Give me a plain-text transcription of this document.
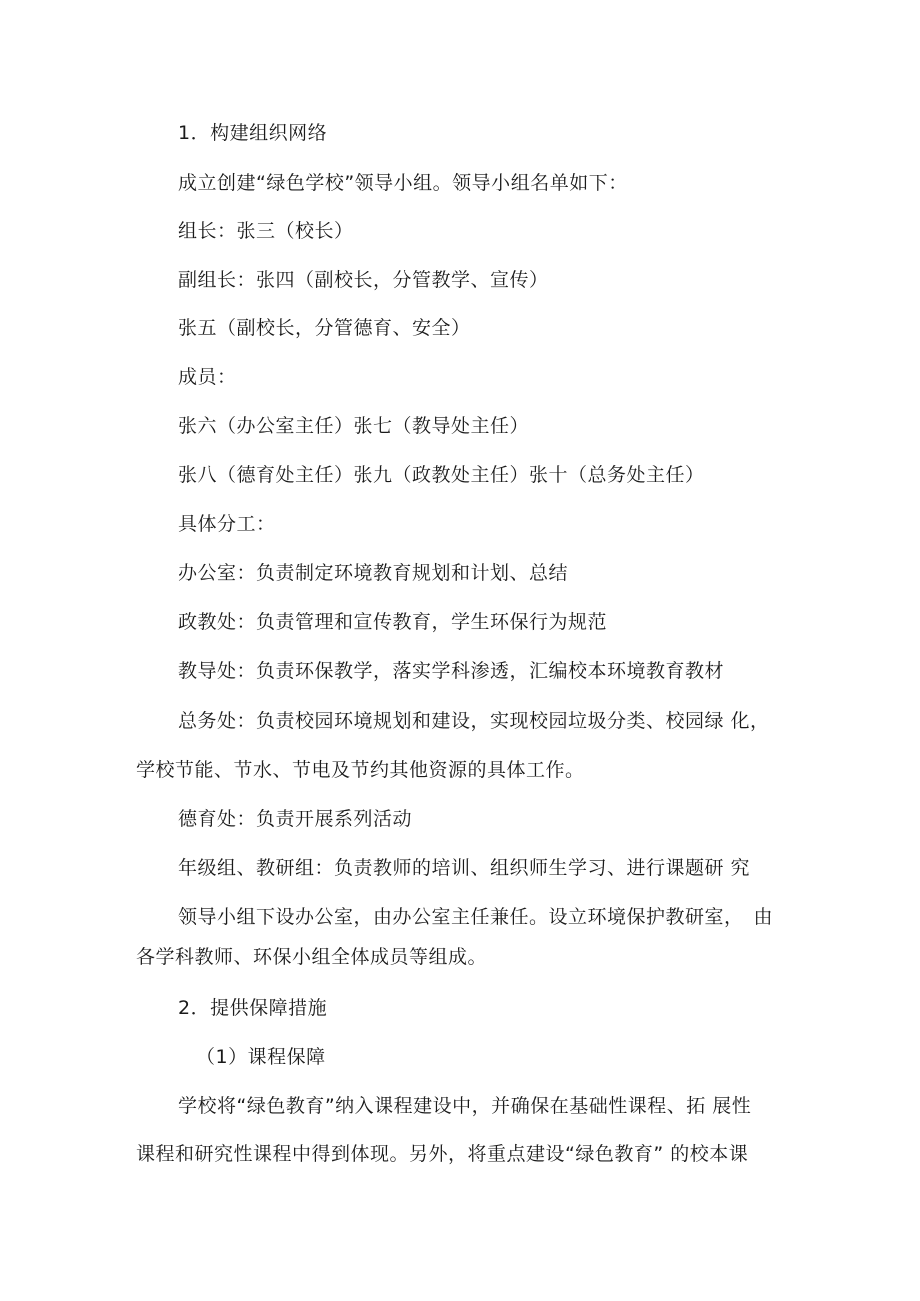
1．构建组织网络
成立创建“绿色学校”领导小组。领导小组名单如下：
组长：张三（校长）
副组长：张四（副校长，分管教学、宣传）
张五（副校长，分管德育、安全）
成员：
张六（办公室主任）张七（教导处主任）
张八（德育处主任）张九（政教处主任）张十（总务处主任）
具体分工：
办公室：负责制定环境教育规划和计划、总结
政教处：负责管理和宣传教育，学生环保行为规范
教导处：负责环保教学，落实学科渗透，汇编校本环境教育教材
总务处：负责校园环境规划和建设，实现校园垃圾分类、校园绿 化，
学校节能、节水、节电及节约其他资源的具体工作。
德育处：负责开展系列活动
年级组、教研组：负责教师的培训、组织师生学习、进行课题研 究
领导小组下设办公室，由办公室主任兼任。设立环境保护教研室，　由
各学科教师、环保小组全体成员等组成。
2．提供保障措施
（1）课程保障
学校将“绿色教育”纳入课程建设中，并确保在基础性课程、拓 展性
课程和研究性课程中得到体现。另外，将重点建设“绿色教育” 的校本课
